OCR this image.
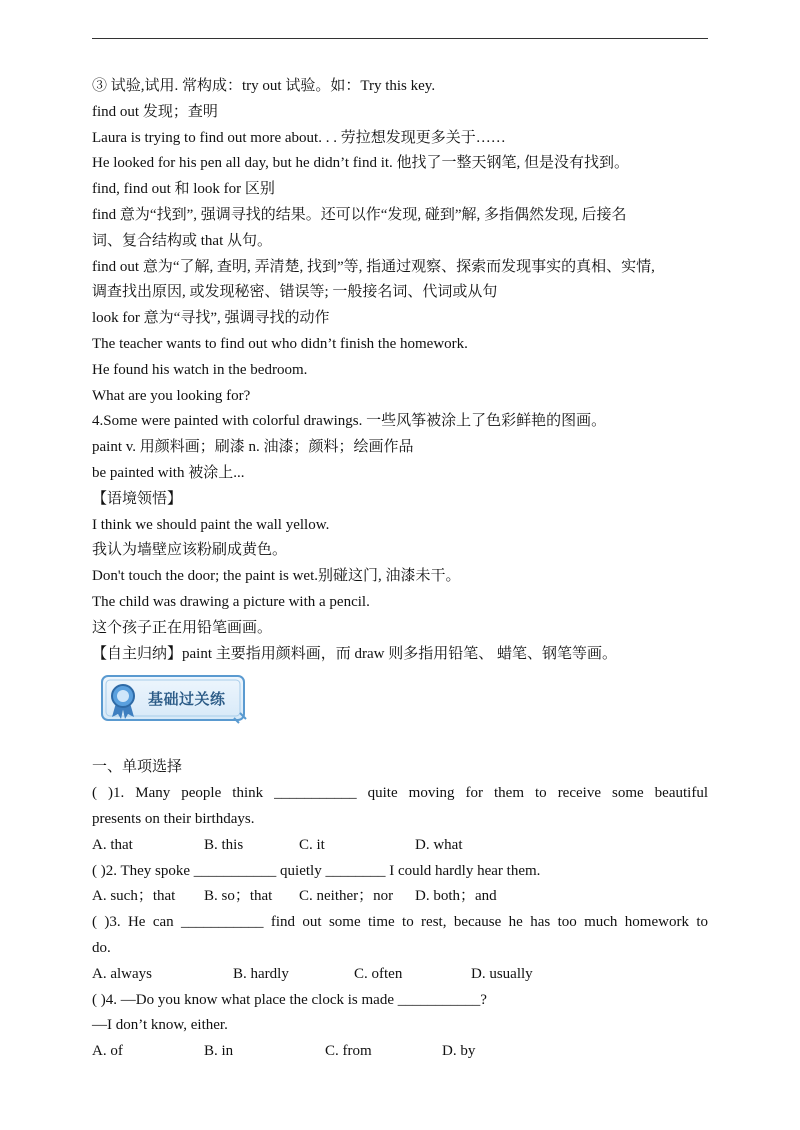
③ 试验,试用. 常构成：try out 试验。如：Try this key.
find out 发现；查明
Laura is trying to find out more about. . . 劳拉想发现更多关于……
He looked for his pen all day, but he didn’t find it. 他找了一整天钢笔, 但是没有找到。
find, find out 和 look for 区别
find 意为“找到”, 强调寻找的结果。还可以作“发现, 碰到”解, 多指偶然发现, 后接名
词、复合结构或 that 从句。
find out 意为“了解, 查明, 弄清楚, 找到”等, 指通过观察、探索而发现事实的真相、实情,
调查找出原因, 或发现秘密、错误等; 一般接名词、代词或从句
look for 意为“寻找”, 强调寻找的动作
The teacher wants to find out who didn’t finish the homework.
He found his watch in the bedroom.
What are you looking for?
4.Some were painted with colorful drawings. 一些风筝被涂上了色彩鲜艳的图画。
paint v. 用颜料画；刷漆 n. 油漆；颜料；绘画作品
be painted with 被涂上...
【语境领悟】
I think we should paint the wall yellow.
我认为墙壁应该粉刷成黄色。
Don't touch the door; the paint is wet.别碰这门, 油漆未干。
The child was drawing a picture with a pencil.
这个孩子正在用铅笔画画。
【自主归纳】paint 主要指用颜料画，而 draw 则多指用铅笔、 蜡笔、钢笔等画。
基础过关练
一、单项选择
( )1. Many people think ___________ quite moving for them to receive some beautiful
presents on their birthdays.
A. that	B. this	C. it	D. what
( )2. They spoke ___________ quietly ________ I could hardly hear them.
A. such；that B. so；that C. neither；nor D. both；and
( )3. He can ___________ find out some time to rest, because he has too much homework to
do.
A. always	B. hardly	C. often	D. usually
( )4. —Do you know what place the clock is made ___________?
—I don’t know, either.
A. of	B. in	C. from	D. by
